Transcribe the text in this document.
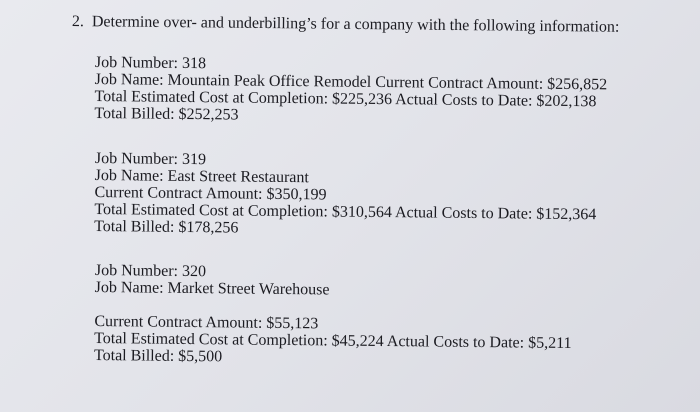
2. Determine over- and underbilling’s for a company with the following information:
Job Number: 318
Job Name: Mountain Peak Office Remodel Current Contract Amount: $256,852
Total Estimated Cost at Completion: $225,236 Actual Costs to Date: $202,138
Total Billed: $252,253
Job Number: 319
Job Name: East Street Restaurant
Current Contract Amount: $350,199
Total Estimated Cost at Completion: $310,564 Actual Costs to Date: $152,364
Total Billed: $178,256
Job Number: 320
Job Name: Market Street Warehouse
Current Contract Amount: $55,123
Total Estimated Cost at Completion: $45,224 Actual Costs to Date: $5,211
Total Billed: $5,500
